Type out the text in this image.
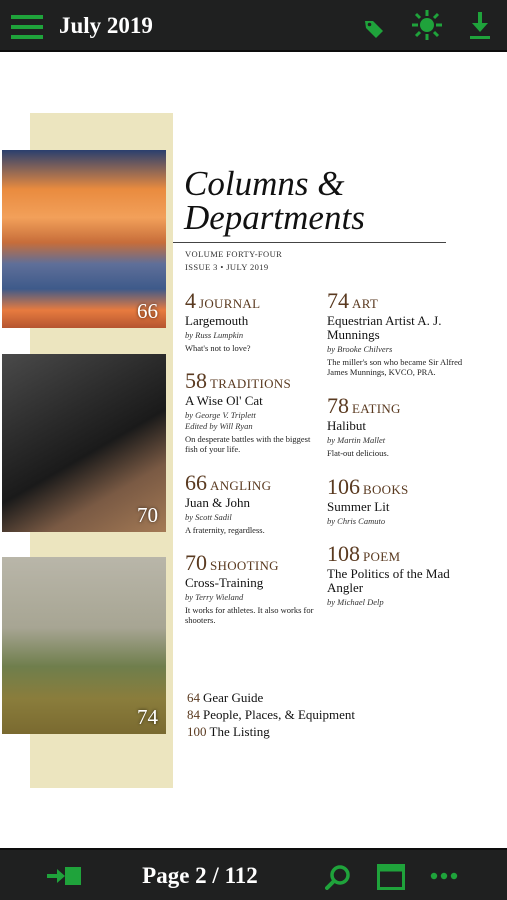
July 2019
66
70
74
Columns &
Departments
VOLUME FORTY-FOUR
ISSUE 3 • JULY 2019
4 JOURNAL
Largemouth
by Russ Lumpkin
What's not to love?
58 TRADITIONS
A Wise Ol' Cat
by George V. Triplett
Edited by Will Ryan
On desperate battles with the biggest fish of your life.
66 ANGLING
Juan & John
by Scott Sadil
A fraternity, regardless.
70 SHOOTING
Cross-Training
by Terry Wieland
It works for athletes. It also works for shooters.
74 ART
Equestrian Artist A. J. Munnings
by Brooke Chilvers
The miller's son who became Sir Alfred James Munnings, KVCO, PRA.
78 EATING
Halibut
by Martin Mallet
Flat-out delicious.
106 BOOKS
Summer Lit
by Chris Camuto
108 POEM
The Politics of the Mad Angler
by Michael Delp
64 Gear Guide
84 People, Places, & Equipment
100 The Listing
Page 2 / 112
